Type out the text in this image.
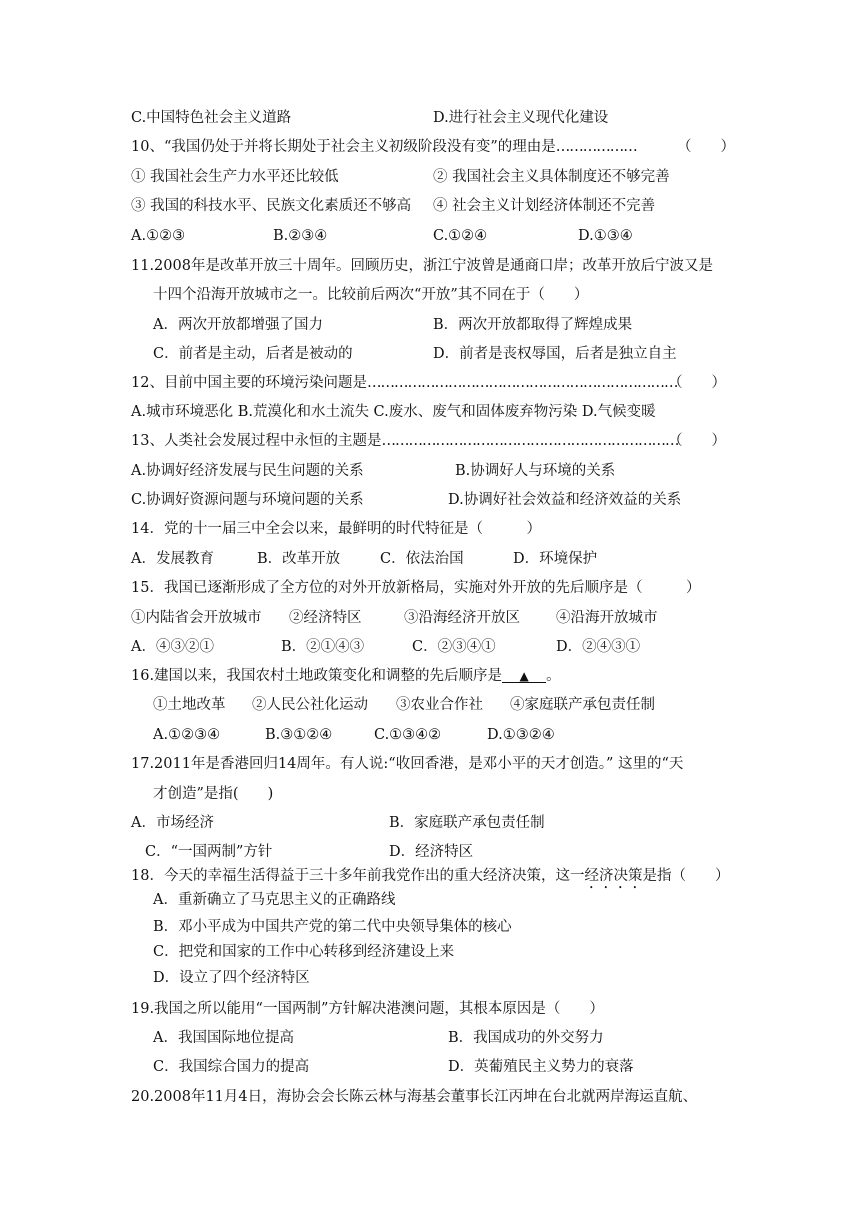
C.中国特色社会主义道路	D.进行社会主义现代化建设
10、“我国仍处于并将长期处于社会主义初级阶段没有变”的理由是………………	（　　）
① 我国社会生产力水平还比较低	② 我国社会主义具体制度还不够完善
③ 我国的科技水平、民族文化素质还不够高 ④ 社会主义计划经济体制还不完善
A.①②③	B.②③④	C.①②④	D.①③④
11.2008年是改革开放三十周年。回顾历史，浙江宁波曾是通商口岸；改革开放后宁波又是
十四个沿海开放城市之一。比较前后两次“开放”其不同在于（　　）
A．两次开放都增强了国力	B．两次开放都取得了辉煌成果
C．前者是主动，后者是被动的	D．前者是丧权辱国，后者是独立自主
12、目前中国主要的环境污染问题是……………………………………………………………
（　　）
A.城市环境恶化 B.荒漠化和水土流失 C.废水、废气和固体废弃物污染 D.气候变暖
13、人类社会发展过程中永恒的主题是…………………………………………………………
（　　）
A.协调好经济发展与民生问题的关系	B.协调好人与环境的关系
C.协调好资源问题与环境问题的关系	D.协调好社会效益和经济效益的关系
14．党的十一届三中全会以来，最鲜明的时代特征是（　　　）
A．发展教育	B．改革开放	C．依法治国	D．环境保护
15．我国已逐渐形成了全方位的对外开放新格局，实施对外开放的先后顺序是（　　　）
①内陆省会开放城市 ②经济特区	③沿海经济开放区 ④沿海开放城市
A．④③②①	B．②①④③	C．②③④①	D．②④③①
16.建国以来，我国农村土地政策变化和调整的先后顺序是 ▲ 。
①土地改革 ②人民公社化运动 ③农业合作社 ④家庭联产承包责任制
A.①②③④	B.③①②④	C.①③④②	D.①③②④
17.2011年是香港回归14周年。有人说:“收回香港，是邓小平的天才创造。” 这里的“天
才创造”是指(　　)
A．市场经济	B．家庭联产承包责任制
C．“一国两制”方针	D．经济特区
18．今天的幸福生活得益于三十多年前我党作出的重大经济决策，这一经济决策是指（　　）
A．重新确立了马克思主义的正确路线
B．邓小平成为中国共产党的第二代中央领导集体的核心
C．把党和国家的工作中心转移到经济建设上来
D．设立了四个经济特区
19.我国之所以能用“一国两制”方针解决港澳问题，其根本原因是（　　）
A．我国国际地位提高	B．我国成功的外交努力
C．我国综合国力的提高	D．英葡殖民主义势力的衰落
20.2008年11月4日，海协会会长陈云林与海基会董事长江丙坤在台北就两岸海运直航、
